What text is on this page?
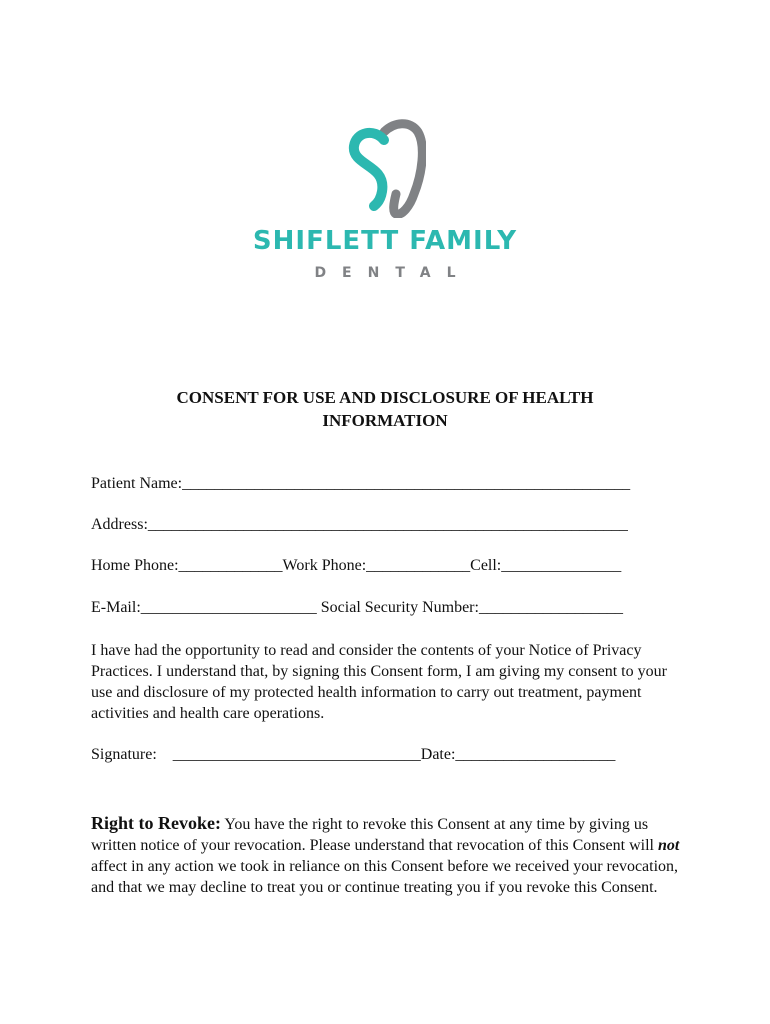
SHIFLETT FAMILY
DENTAL
CONSENT FOR USE AND DISCLOSURE OF HEALTH
INFORMATION
Patient Name:________________________________________________________
Address:____________________________________________________________
Home Phone:_____________Work Phone:_____________Cell:_______________
E-Mail:______________________ Social Security Number:__________________
I have had the opportunity to read and consider the contents of your Notice of Privacy Practices. I understand that, by signing this Consent form, I am giving my consent to your use and disclosure of my protected health information to carry out treatment, payment activities and health care operations.
Signature:    _______________________________Date:____________________
Right to Revoke: You have the right to revoke this Consent at any time by giving us written notice of your revocation. Please understand that revocation of this Consent will not affect in any action we took in reliance on this Consent before we received your revocation, and that we may decline to treat you or continue treating you if you revoke this Consent.
